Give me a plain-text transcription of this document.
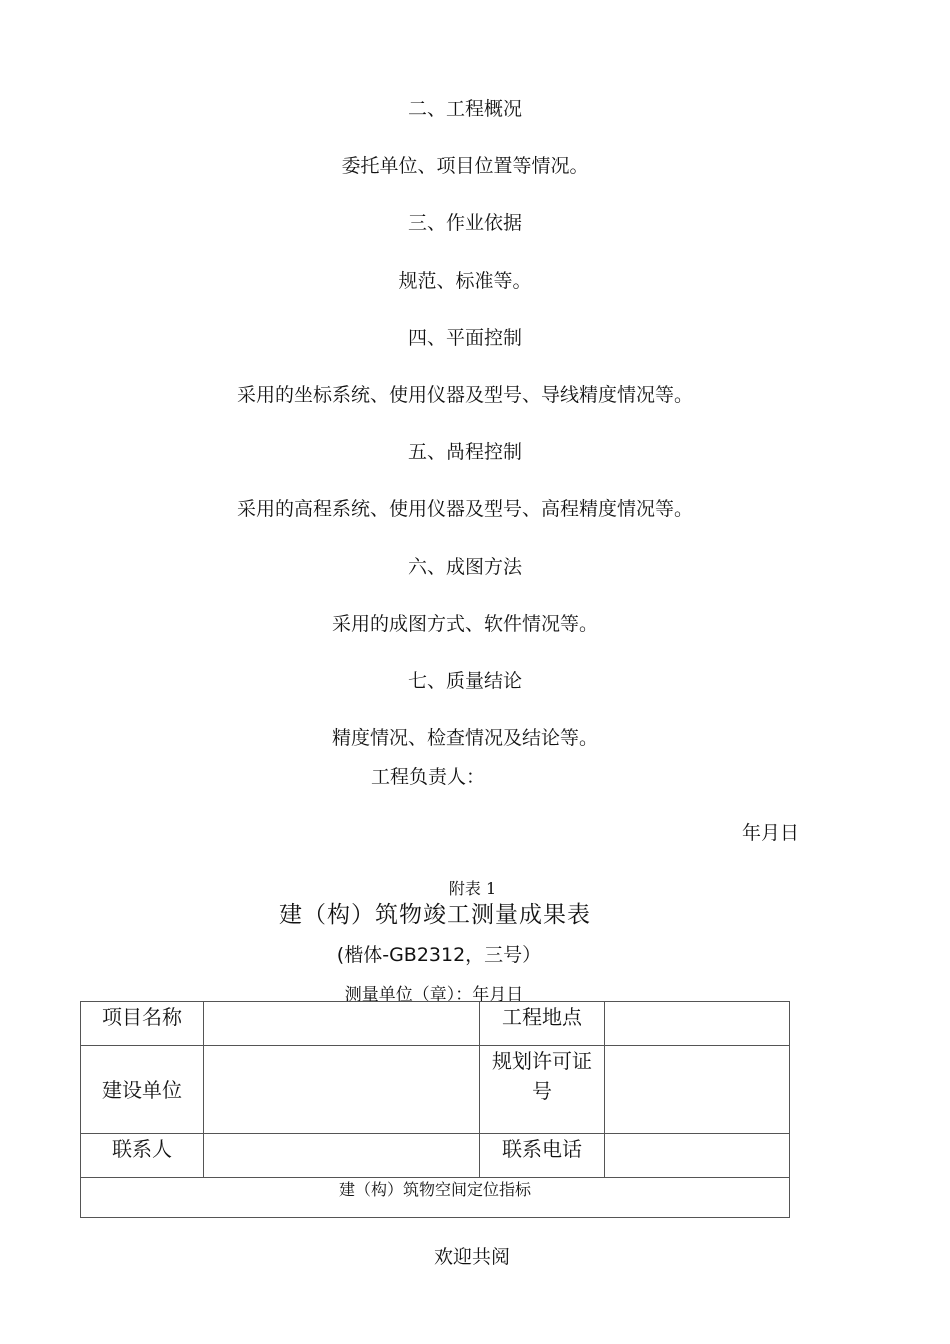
二、工程概况
委托单位、项目位置等情况。
三、作业依据
规范、标准等。
四、平面控制
采用的坐标系统、使用仪器及型号、导线精度情况等。
五、咼程控制
采用的高程系统、使用仪器及型号、高程精度情况等。
六、成图方法
采用的成图方式、软件情况等。
七、质量结论
精度情况、检查情况及结论等。
工程负责人：
年月日
附表 1
建（构）筑物竣工测量成果表
(楷体-GB2312，三号）
测量单位（章）：年月日
项目名称		工程地点	
建设单位		规划许可证号	
联系人		联系电话	
建（构）筑物空间定位指标			
欢迎共阅
